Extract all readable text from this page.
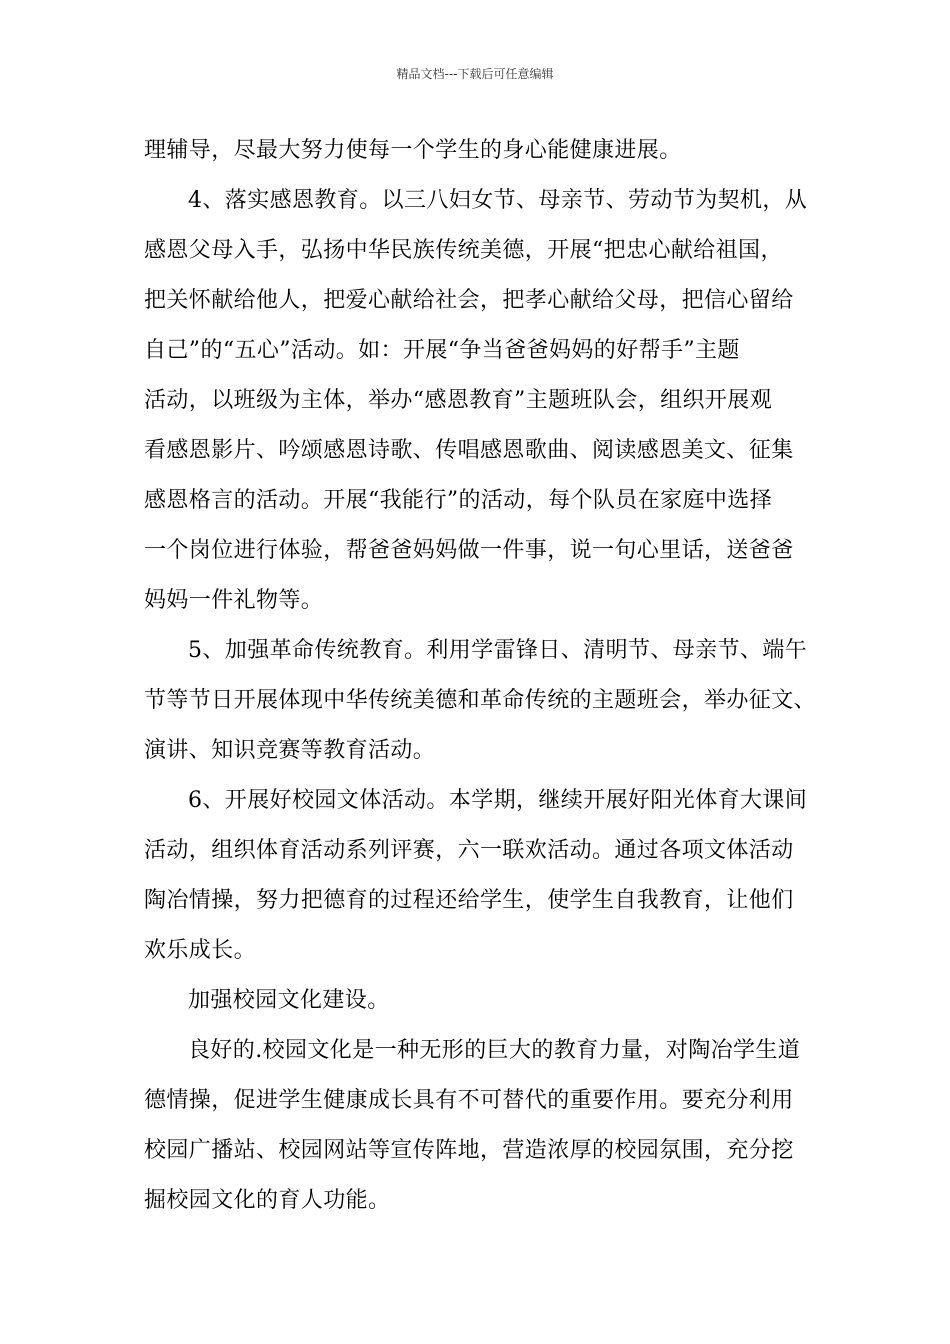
精品文档---下载后可任意编辑
理辅导，尽最大努力使每一个学生的身心能健康进展。
4、落实感恩教育。以三八妇女节、母亲节、劳动节为契机，从
感恩父母入手，弘扬中华民族传统美德，开展“把忠心献给祖国，
把关怀献给他人，把爱心献给社会，把孝心献给父母，把信心留给
自己”的“五心”活动。如：开展“争当爸爸妈妈的好帮手”主题
活动，以班级为主体，举办“感恩教育”主题班队会，组织开展观
看感恩影片、吟颂感恩诗歌、传唱感恩歌曲、阅读感恩美文、征集
感恩格言的活动。开展“我能行”的活动，每个队员在家庭中选择
一个岗位进行体验，帮爸爸妈妈做一件事，说一句心里话，送爸爸
妈妈一件礼物等。
5、加强革命传统教育。利用学雷锋日、清明节、母亲节、端午
节等节日开展体现中华传统美德和革命传统的主题班会，举办征文、
演讲、知识竞赛等教育活动。
6、开展好校园文体活动。本学期，继续开展好阳光体育大课间
活动，组织体育活动系列评赛，六一联欢活动。通过各项文体活动
陶冶情操，努力把德育的过程还给学生，使学生自我教育，让他们
欢乐成长。
加强校园文化建设。
良好的.校园文化是一种无形的巨大的教育力量，对陶冶学生道
德情操，促进学生健康成长具有不可替代的重要作用。要充分利用
校园广播站、校园网站等宣传阵地，营造浓厚的校园氛围，充分挖
掘校园文化的育人功能。
